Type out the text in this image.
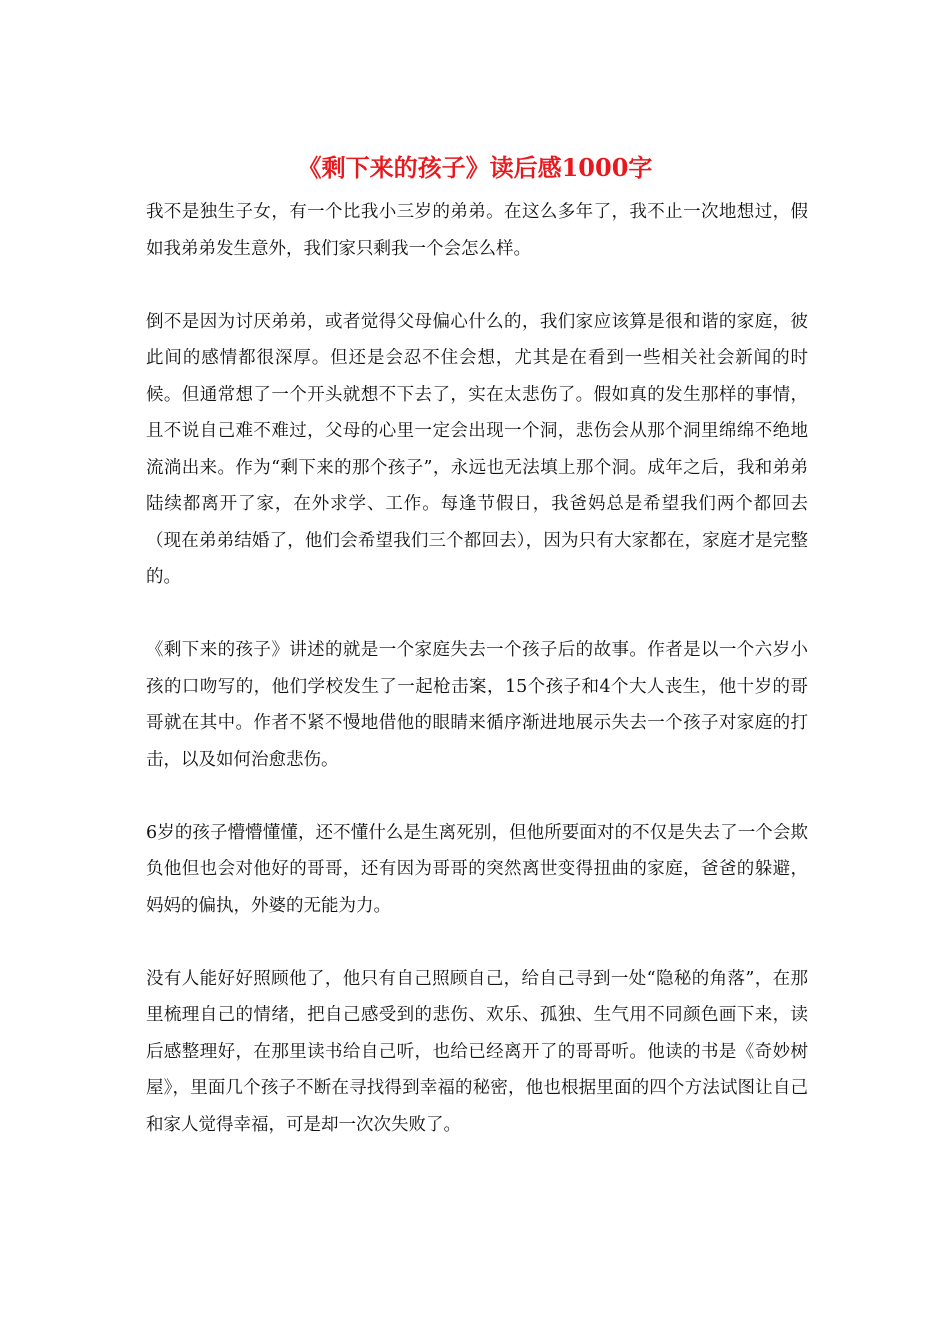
《剩下来的孩子》读后感1000字

我不是独生子女，有一个比我小三岁的弟弟。在这么多年了，我不止一次地想过，假如我弟弟发生意外，我们家只剩我一个会怎么样。

倒不是因为讨厌弟弟，或者觉得父母偏心什么的，我们家应该算是很和谐的家庭，彼此间的感情都很深厚。但还是会忍不住会想，尤其是在看到一些相关社会新闻的时候。但通常想了一个开头就想不下去了，实在太悲伤了。假如真的发生那样的事情，且不说自己难不难过，父母的心里一定会出现一个洞，悲伤会从那个洞里绵绵不绝地流淌出来。作为“剩下来的那个孩子”，永远也无法填上那个洞。成年之后，我和弟弟陆续都离开了家，在外求学、工作。每逢节假日，我爸妈总是希望我们两个都回去（现在弟弟结婚了，他们会希望我们三个都回去），因为只有大家都在，家庭才是完整的。

《剩下来的孩子》讲述的就是一个家庭失去一个孩子后的故事。作者是以一个六岁小孩的口吻写的，他们学校发生了一起枪击案，15个孩子和4个大人丧生，他十岁的哥哥就在其中。作者不紧不慢地借他的眼睛来循序渐进地展示失去一个孩子对家庭的打击，以及如何治愈悲伤。

6岁的孩子懵懵懂懂，还不懂什么是生离死别，但他所要面对的不仅是失去了一个会欺负他但也会对他好的哥哥，还有因为哥哥的突然离世变得扭曲的家庭，爸爸的躲避，妈妈的偏执，外婆的无能为力。

没有人能好好照顾他了，他只有自己照顾自己，给自己寻到一处“隐秘的角落”，在那里梳理自己的情绪，把自己感受到的悲伤、欢乐、孤独、生气用不同颜色画下来，读后感整理好，在那里读书给自己听，也给已经离开了的哥哥听。他读的书是《奇妙树屋》，里面几个孩子不断在寻找得到幸福的秘密，他也根据里面的四个方法试图让自己和家人觉得幸福，可是却一次次失败了。
